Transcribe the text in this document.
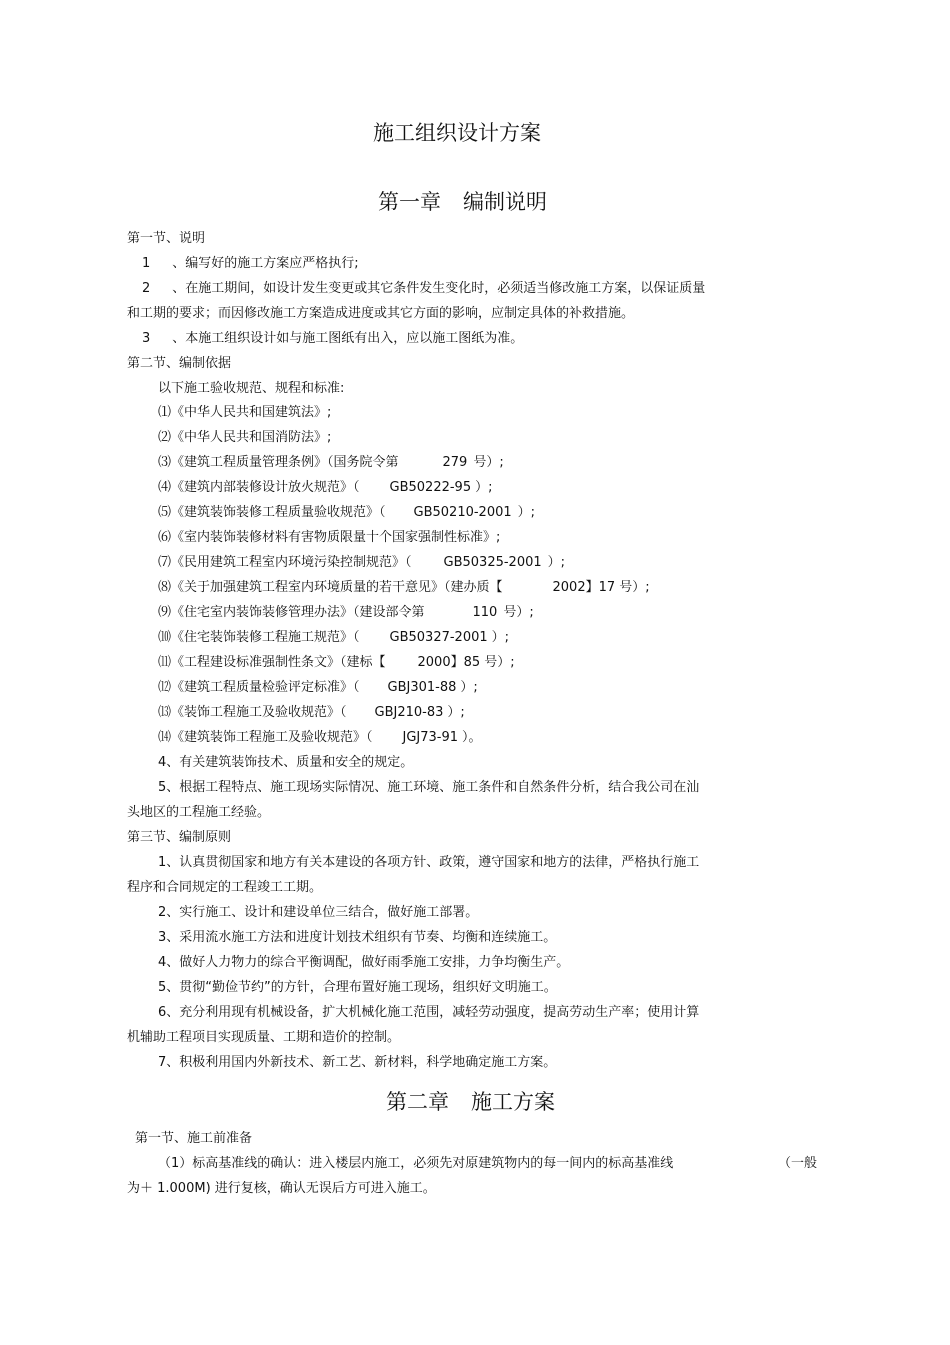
施工组织设计方案
第一章 编制说明
第一节、说明
1 、编写好的施工方案应严格执行;
2 、在施工期间，如设计发生变更或其它条件发生变化时，必须适当修改施工方案，以保证质量
和工期的要求；而因修改施工方案造成进度或其它方面的影响，应制定具体的补救措施。
3 、本施工组织设计如与施工图纸有出入，应以施工图纸为准。
第二节、编制依据
以下施工验收规范、规程和标准:
⑴《中华人民共和国建筑法》;
⑵《中华人民共和国消防法》;
⑶《建筑工程质量管理条例》（国务院令第	279 号）;
⑷《建筑内部装修设计放火规范》（ GB50222-95 ）;
⑸《建筑装饰装修工程质量验收规范》（ GB50210-2001 ）;
⑹《室内装饰装修材料有害物质限量十个国家强制性标准》;
⑺《民用建筑工程室内环境污染控制规范》（ GB50325-2001 ）;
⑻《关于加强建筑工程室内环境质量的若干意见》（建办质【	2002】17 号）;
⑼《住宅室内装饰装修管理办法》（建设部令第	110 号）;
⑽《住宅装饰装修工程施工规范》（ GB50327-2001 ）;
⑾《工程建设标准强制性条文》（建标【 2000】85 号）;
⑿《建筑工程质量检验评定标准》（ GBJ301-88 ）;
⒀《装饰工程施工及验收规范》（ GBJ210-83 ）;
⒁《建筑装饰工程施工及验收规范》（ JGJ73-91 ）。
4、有关建筑装饰技术、质量和安全的规定。
5、根据工程特点、施工现场实际情况、施工环境、施工条件和自然条件分析，结合我公司在汕
头地区的工程施工经验。
第三节、编制原则
1、认真贯彻国家和地方有关本建设的各项方针、政策，遵守国家和地方的法律，严格执行施工
程序和合同规定的工程竣工工期。
2、实行施工、设计和建设单位三结合，做好施工部署。
3、采用流水施工方法和进度计划技术组织有节奏、均衡和连续施工。
4、做好人力物力的综合平衡调配，做好雨季施工安排，力争均衡生产。
5、贯彻“勤俭节约”的方针，合理布置好施工现场，组织好文明施工。
6、充分利用现有机械设备，扩大机械化施工范围，减轻劳动强度，提高劳动生产率；使用计算
机辅助工程项目实现质量、工期和造价的控制。
7、积极利用国内外新技术、新工艺、新材料，科学地确定施工方案。
第二章 施工方案
第一节、施工前准备
（1）标高基准线的确认：进入楼层内施工，必须先对原建筑物内的每一间内的标高基准线	（一般
为＋ 1.000M) 进行复核，确认无误后方可进入施工。
